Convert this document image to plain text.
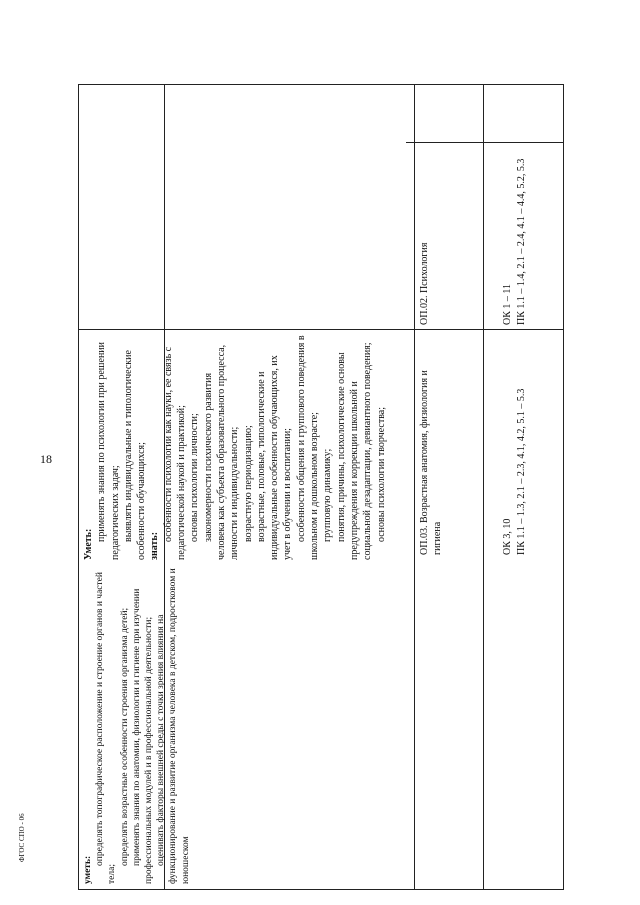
18
ФГОС СПО - 06

Уметь:

применять знания по психологии при решении педагогических задач; выявлять индивидуальные и типологические особенности обучающихся; знать:

особенности психологии как науки, ее связь с педагогической наукой и практикой; основы психологии личности; закономерности психического развития человека как субъекта образовательного процесса, личности и индивидуальности; возрастную периодизацию; возрастные, половые, типологические и индивидуальные особенности обучающихся, их учет в обучении и воспитании; особенности общения и группового поведения в школьном и дошкольном возрасте; групповую динамику; понятия, причины, психологические основы предупреждения и коррекции школьной и социальной дезадаптации, девиантного поведения; основы психологии творчества;

ОП.02. Психология	ОК 1 – 11
ПК 1.1 – 1.4, 2.1 – 2.4, 4.1 – 4.4, 5.2, 5.3

уметь:

определять топографическое расположение и строение органов и частей тела;

определять возрастные особенности строения организма детей; применять знания по анатомии, физиологии и гигиене при изучении профессиональных модулей и в профессиональной деятельности; оценивать факторы внешней среды с точки зрения влияния на функционирование и развитие организма человека в детском, подростковом и юношеском

ОП.03. Возрастная анатомия, физиология и гигиена	ОК 3, 10
ПК 1.1 – 1.3, 2.1 – 2.3, 4.1, 4.2, 5.1 – 5.3
